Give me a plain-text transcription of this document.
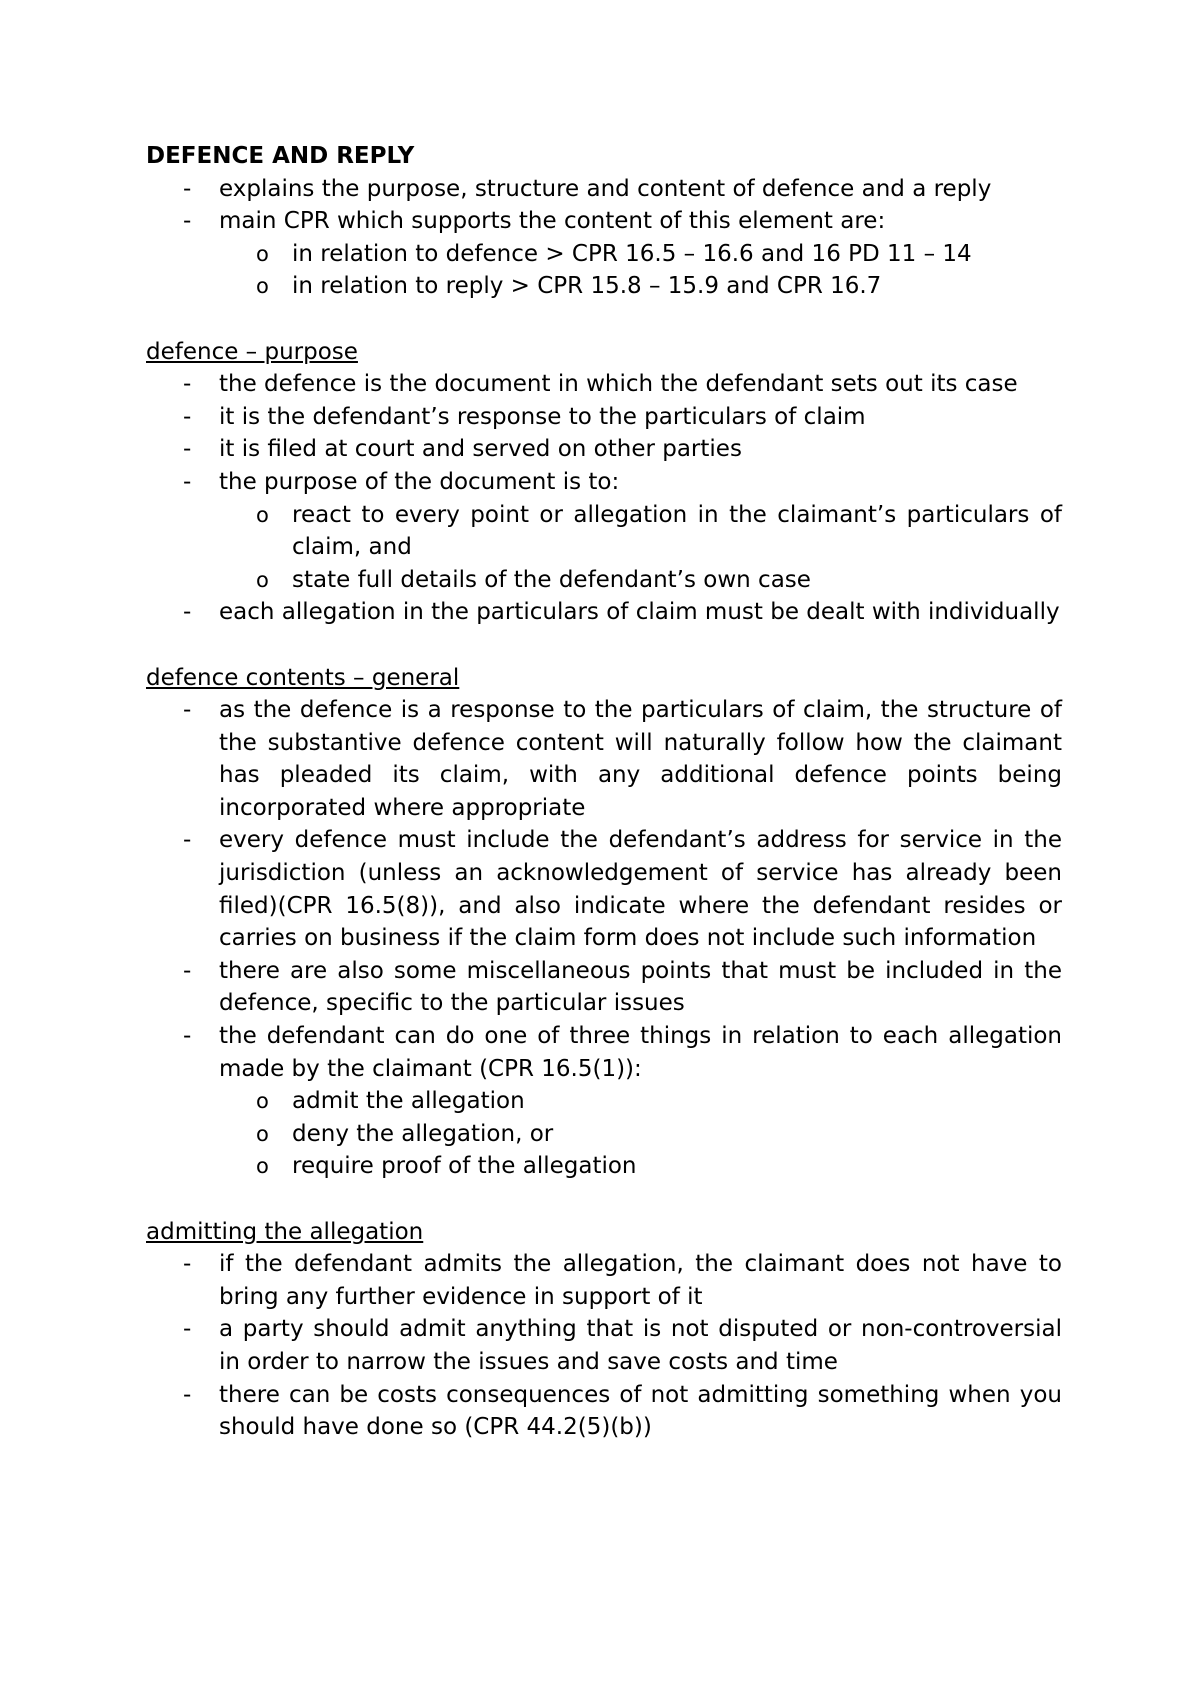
DEFENCE AND REPLY

- explains the purpose, structure and content of defence and a reply
- main CPR which supports the content of this element are:
o in relation to defence > CPR 16.5 – 16.6 and 16 PD 11 – 14
o in relation to reply > CPR 15.8 – 15.9 and CPR 16.7

defence – purpose

- the defence is the document in which the defendant sets out its case
- it is the defendant’s response to the particulars of claim
- it is filed at court and served on other parties
- the purpose of the document is to:
o react to every point or allegation in the claimant’s particulars of claim, and
o state full details of the defendant’s own case
- each allegation in the particulars of claim must be dealt with individually

defence contents – general

- as the defence is a response to the particulars of claim, the structure of the substantive defence content will naturally follow how the claimant has pleaded its claim, with any additional defence points being incorporated where appropriate
- every defence must include the defendant’s address for service in the jurisdiction (unless an acknowledgement of service has already been filed)(CPR 16.5(8)), and also indicate where the defendant resides or carries on business if the claim form does not include such information
- there are also some miscellaneous points that must be included in the defence, specific to the particular issues
- the defendant can do one of three things in relation to each allegation made by the claimant (CPR 16.5(1)):
o admit the allegation
o deny the allegation, or
o require proof of the allegation

admitting the allegation

- if the defendant admits the allegation, the claimant does not have to bring any further evidence in support of it
- a party should admit anything that is not disputed or non-controversial in order to narrow the issues and save costs and time
- there can be costs consequences of not admitting something when you should have done so (CPR 44.2(5)(b))
